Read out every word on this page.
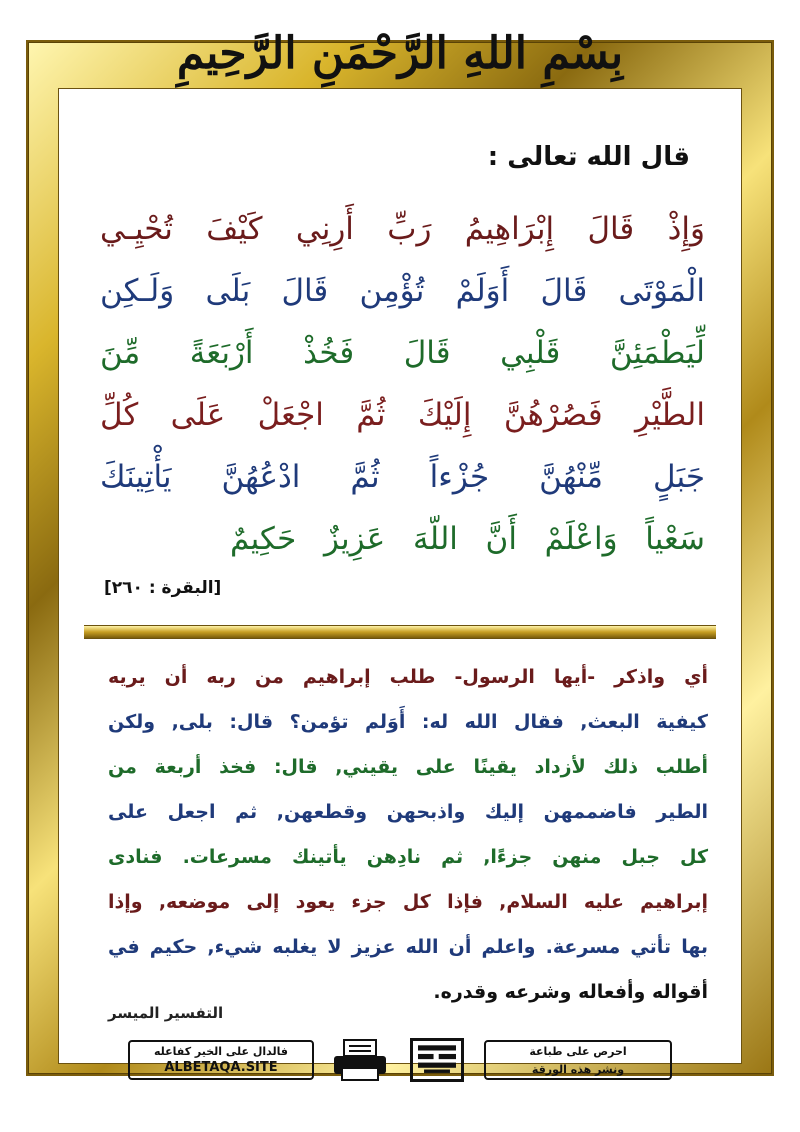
بِسْمِ اللهِ الرَّحْمَنِ الرَّحِيمِ
قال الله تعالى :
وَإِذْ قَالَ إِبْرَاهِيمُ رَبِّ أَرِنِي كَيْفَ تُحْيِـي
الْمَوْتَى قَالَ أَوَلَمْ تُؤْمِن قَالَ بَلَى وَلَـكِن
لِّيَطْمَئِنَّ قَلْبِي قَالَ فَخُذْ أَرْبَعَةً مِّنَ
الطَّيْرِ فَصُرْهُنَّ إِلَيْكَ ثُمَّ اجْعَلْ عَلَى كُلِّ
جَبَلٍ مِّنْهُنَّ جُزْءاً ثُمَّ ادْعُهُنَّ يَأْتِينَكَ
سَعْياً وَاعْلَمْ أَنَّ اللّهَ عَزِيزٌ حَكِيمٌ
[البقرة : ٢٦٠]
أي واذكر -أيها الرسول- طلب إبراهيم من ربه أن يريه
كيفية البعث, فقال الله له: أَوَلم تؤمن؟ قال: بلى, ولكن
أطلب ذلك لأزداد يقينًا على يقيني, قال: فخذ أربعة من
الطير فاضممهن إليك واذبحهن وقطعهن, ثم اجعل على
كل جبل منهن جزءًا, ثم نادِهن يأتينك مسرعات. فنادى
إبراهيم عليه السلام, فإذا كل جزء يعود إلى موضعه, وإذا
بها تأتي مسرعة. واعلم أن الله عزيز لا يغلبه شيء, حكيم في
أقواله وأفعاله وشرعه وقدره.
التفسير الميسر
فالدال على الخير كفاعله
ALBETAQA.SITE
احرص على طباعة
ونشر هذه الورقة
